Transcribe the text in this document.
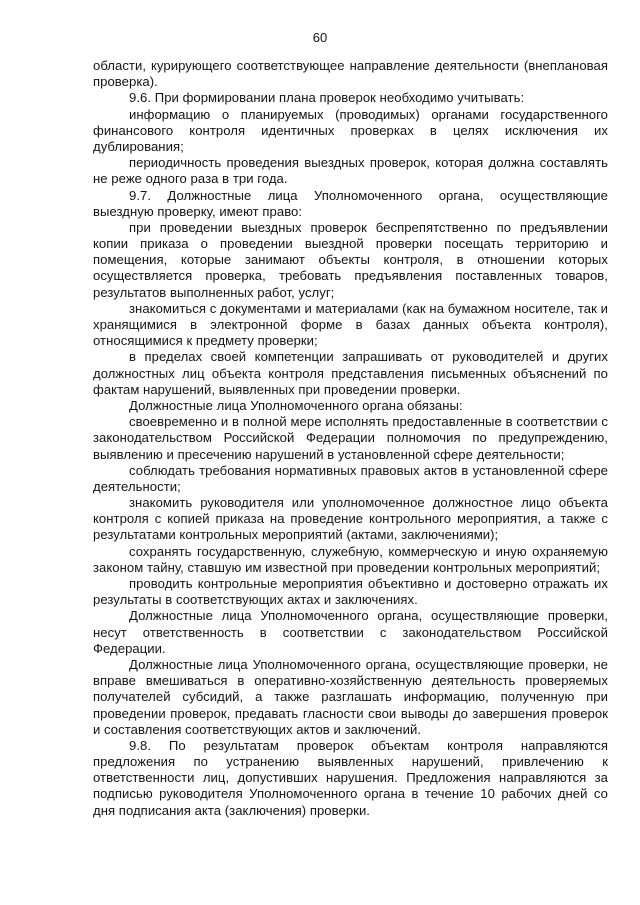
60

области, курирующего соответствующее направление деятельности (внеплановая проверка).

9.6. При формировании плана проверок необходимо учитывать:

информацию о планируемых (проводимых) органами государственного финансового контроля идентичных проверках в целях исключения их дублирования;

периодичность проведения выездных проверок, которая должна составлять не реже одного раза в три года.

9.7. Должностные лица Уполномоченного органа, осуществляющие выездную проверку, имеют право:

при проведении выездных проверок беспрепятственно по предъявлении копии приказа о проведении выездной проверки посещать территорию и помещения, которые занимают объекты контроля, в отношении которых осуществляется проверка, требовать предъявления поставленных товаров, результатов выполненных работ, услуг;

знакомиться с документами и материалами (как на бумажном носителе, так и хранящимися в электронной форме в базах данных объекта контроля), относящимися к предмету проверки;

в пределах своей компетенции запрашивать от руководителей и других должностных лиц объекта контроля представления письменных объяснений по фактам нарушений, выявленных при проведении проверки.

Должностные лица Уполномоченного органа обязаны:

своевременно и в полной мере исполнять предоставленные в соответствии с законодательством Российской Федерации полномочия по предупреждению, выявлению и пресечению нарушений в установленной сфере деятельности;

соблюдать требования нормативных правовых актов в установленной сфере деятельности;

знакомить руководителя или уполномоченное должностное лицо объекта контроля с копией приказа на проведение контрольного мероприятия, а также с результатами контрольных мероприятий (актами, заключениями);

сохранять государственную, служебную, коммерческую и иную охраняемую законом тайну, ставшую им известной при проведении контрольных мероприятий;

проводить контрольные мероприятия объективно и достоверно отражать их результаты в соответствующих актах и заключениях.

Должностные лица Уполномоченного органа, осуществляющие проверки, несут ответственность в соответствии с законодательством Российской Федерации.

Должностные лица Уполномоченного органа, осуществляющие проверки, не вправе вмешиваться в оперативно-хозяйственную деятельность проверяемых получателей субсидий, а также разглашать информацию, полученную при проведении проверок, предавать гласности свои выводы до завершения проверок и составления соответствующих актов и заключений.

9.8. По результатам проверок объектам контроля направляются предложения по устранению выявленных нарушений, привлечению к ответственности лиц, допустивших нарушения. Предложения направляются за подписью руководителя Уполномоченного органа в течение 10 рабочих дней со дня подписания акта (заключения) проверки.
